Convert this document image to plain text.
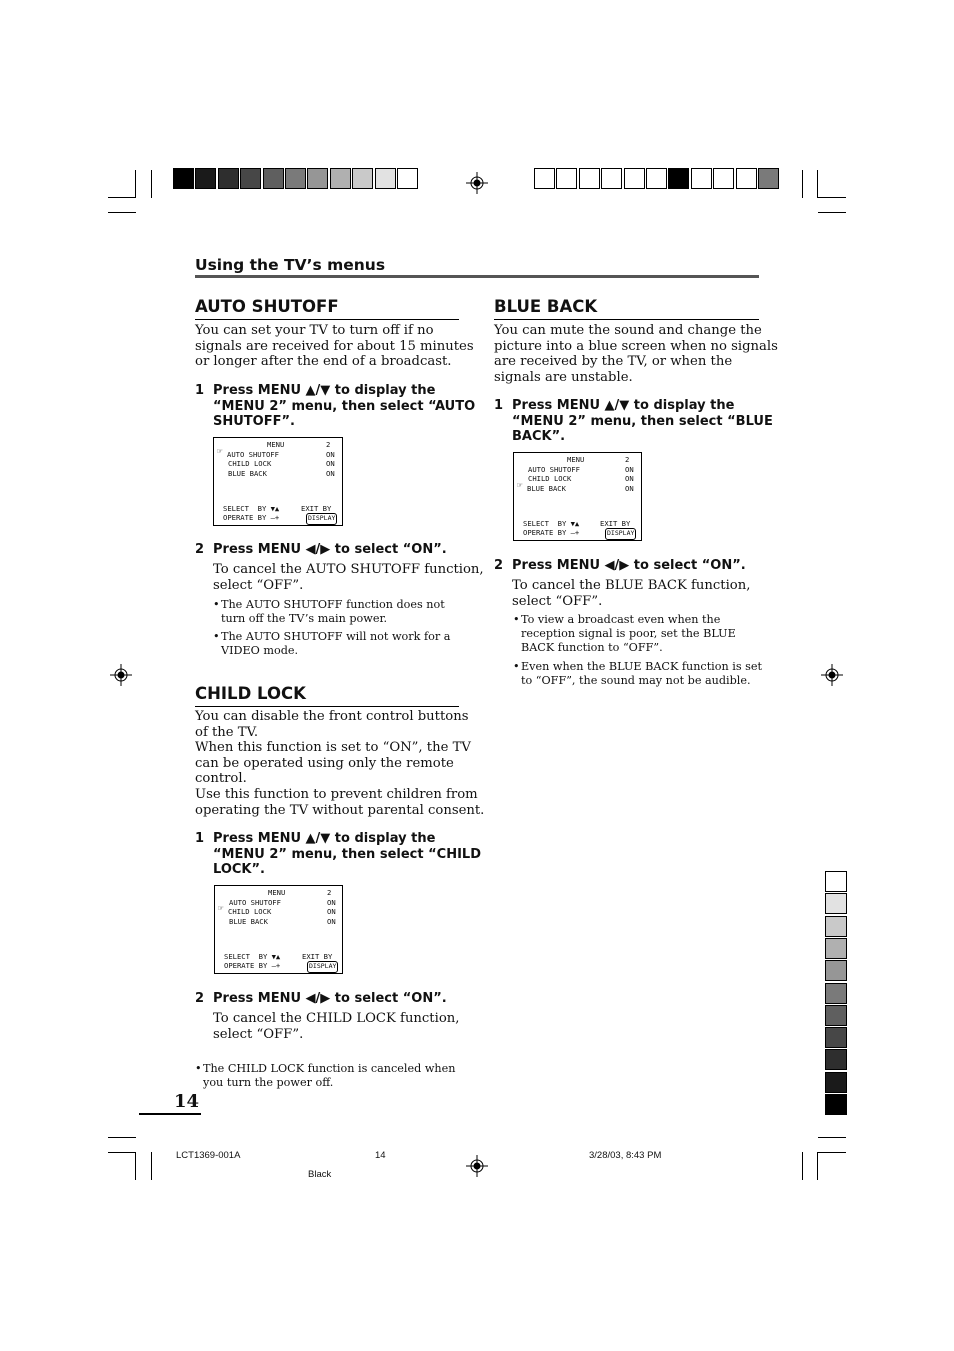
Using the TV’s menus
AUTO SHUTOFF
You can set your TV to turn off if no
signals are received for about 15 minutes
or longer after the end of a broadcast.
1 Press MENU ▲/▼ to display the
“MENU 2” menu, then select “AUTO
SHUTOFF”.
MENU	2
☞ AUTO SHUTOFF	ON
CHILD LOCK	ON
BLUE BACK	ON
SELECT  BY ▼▲	EXIT BY
OPERATE BY —+	DISPLAY
2 Press MENU ◀/▶ to select “ON”.
To cancel the AUTO SHUTOFF function,
select “OFF”.
• The AUTO SHUTOFF function does not
turn off the TV’s main power.
• The AUTO SHUTOFF will not work for a
VIDEO mode.
CHILD LOCK
You can disable the front control buttons
of the TV.
When this function is set to “ON”, the TV
can be operated using only the remote
control.
Use this function to prevent children from
operating the TV without parental consent.
1 Press MENU ▲/▼ to display the
“MENU 2” menu, then select “CHILD
LOCK”.
MENU	2
AUTO SHUTOFF	ON
☞ CHILD LOCK	ON
BLUE BACK	ON
SELECT  BY ▼▲	EXIT BY
OPERATE BY —+	DISPLAY
2 Press MENU ◀/▶ to select “ON”.
To cancel the CHILD LOCK function,
select “OFF”.
• The CHILD LOCK function is canceled when
you turn the power off.
BLUE BACK
You can mute the sound and change the
picture into a blue screen when no signals
are received by the TV, or when the
signals are unstable.
1 Press MENU ▲/▼ to display the
“MENU 2” menu, then select “BLUE
BACK”.
MENU	2
AUTO SHUTOFF	ON
CHILD LOCK	ON
☞ BLUE BACK	ON
SELECT  BY ▼▲	EXIT BY
OPERATE BY —+	DISPLAY
2 Press MENU ◀/▶ to select “ON”.
To cancel the BLUE BACK function,
select “OFF”.
• To view a broadcast even when the
reception signal is poor, set the BLUE
BACK function to “OFF”.
• Even when the BLUE BACK function is set
to “OFF”, the sound may not be audible.
14
LCT1369-001A	14	3/28/03, 8:43 PM
Black
